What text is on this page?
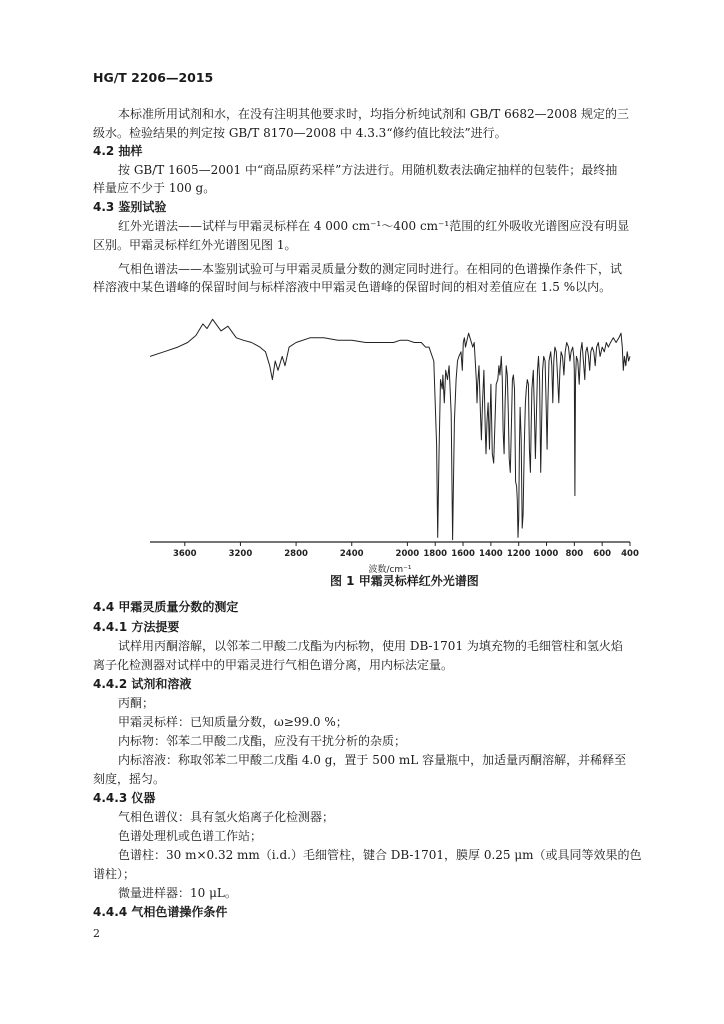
HG/T 2206—2015
本标准所用试剂和水，在没有注明其他要求时，均指分析纯试剂和 GB/T 6682—2008 规定的三
级水。检验结果的判定按 GB/T 8170—2008 中 4.3.3“修约值比较法”进行。
4.2 抽样
按 GB/T 1605—2001 中“商品原药采样”方法进行。用随机数表法确定抽样的包装件；最终抽
样量应不少于 100 g。
4.3 鉴别试验
红外光谱法——试样与甲霜灵标样在 4 000 cm⁻¹～400 cm⁻¹范围的红外吸收光谱图应没有明显
区别。甲霜灵标样红外光谱图见图 1。
气相色谱法——本鉴别试验可与甲霜灵质量分数的测定同时进行。在相同的色谱操作条件下，试
样溶液中某色谱峰的保留时间与标样溶液中甲霜灵色谱峰的保留时间的相对差值应在 1.5 %以内。
3600	3200	2800	2400	2000 1800 1600 1400 1200 1000 800 600 400
波数/cm⁻¹
图 1 甲霜灵标样红外光谱图
4.4 甲霜灵质量分数的测定
4.4.1 方法提要
试样用丙酮溶解，以邻苯二甲酸二戊酯为内标物，使用 DB-1701 为填充物的毛细管柱和氢火焰
离子化检测器对试样中的甲霜灵进行气相色谱分离，用内标法定量。
4.4.2 试剂和溶液
丙酮；
甲霜灵标样：已知质量分数，ω≥99.0 %；
内标物：邻苯二甲酸二戊酯，应没有干扰分析的杂质；
内标溶液：称取邻苯二甲酸二戊酯 4.0 g，置于 500 mL 容量瓶中，加适量丙酮溶解，并稀释至
刻度，摇匀。
4.4.3 仪器
气相色谱仪：具有氢火焰离子化检测器；
色谱处理机或色谱工作站；
色谱柱：30 m×0.32 mm（i.d.）毛细管柱，键合 DB-1701，膜厚 0.25 μm（或具同等效果的色
谱柱）；
微量进样器：10 μL。
4.4.4 气相色谱操作条件
2
